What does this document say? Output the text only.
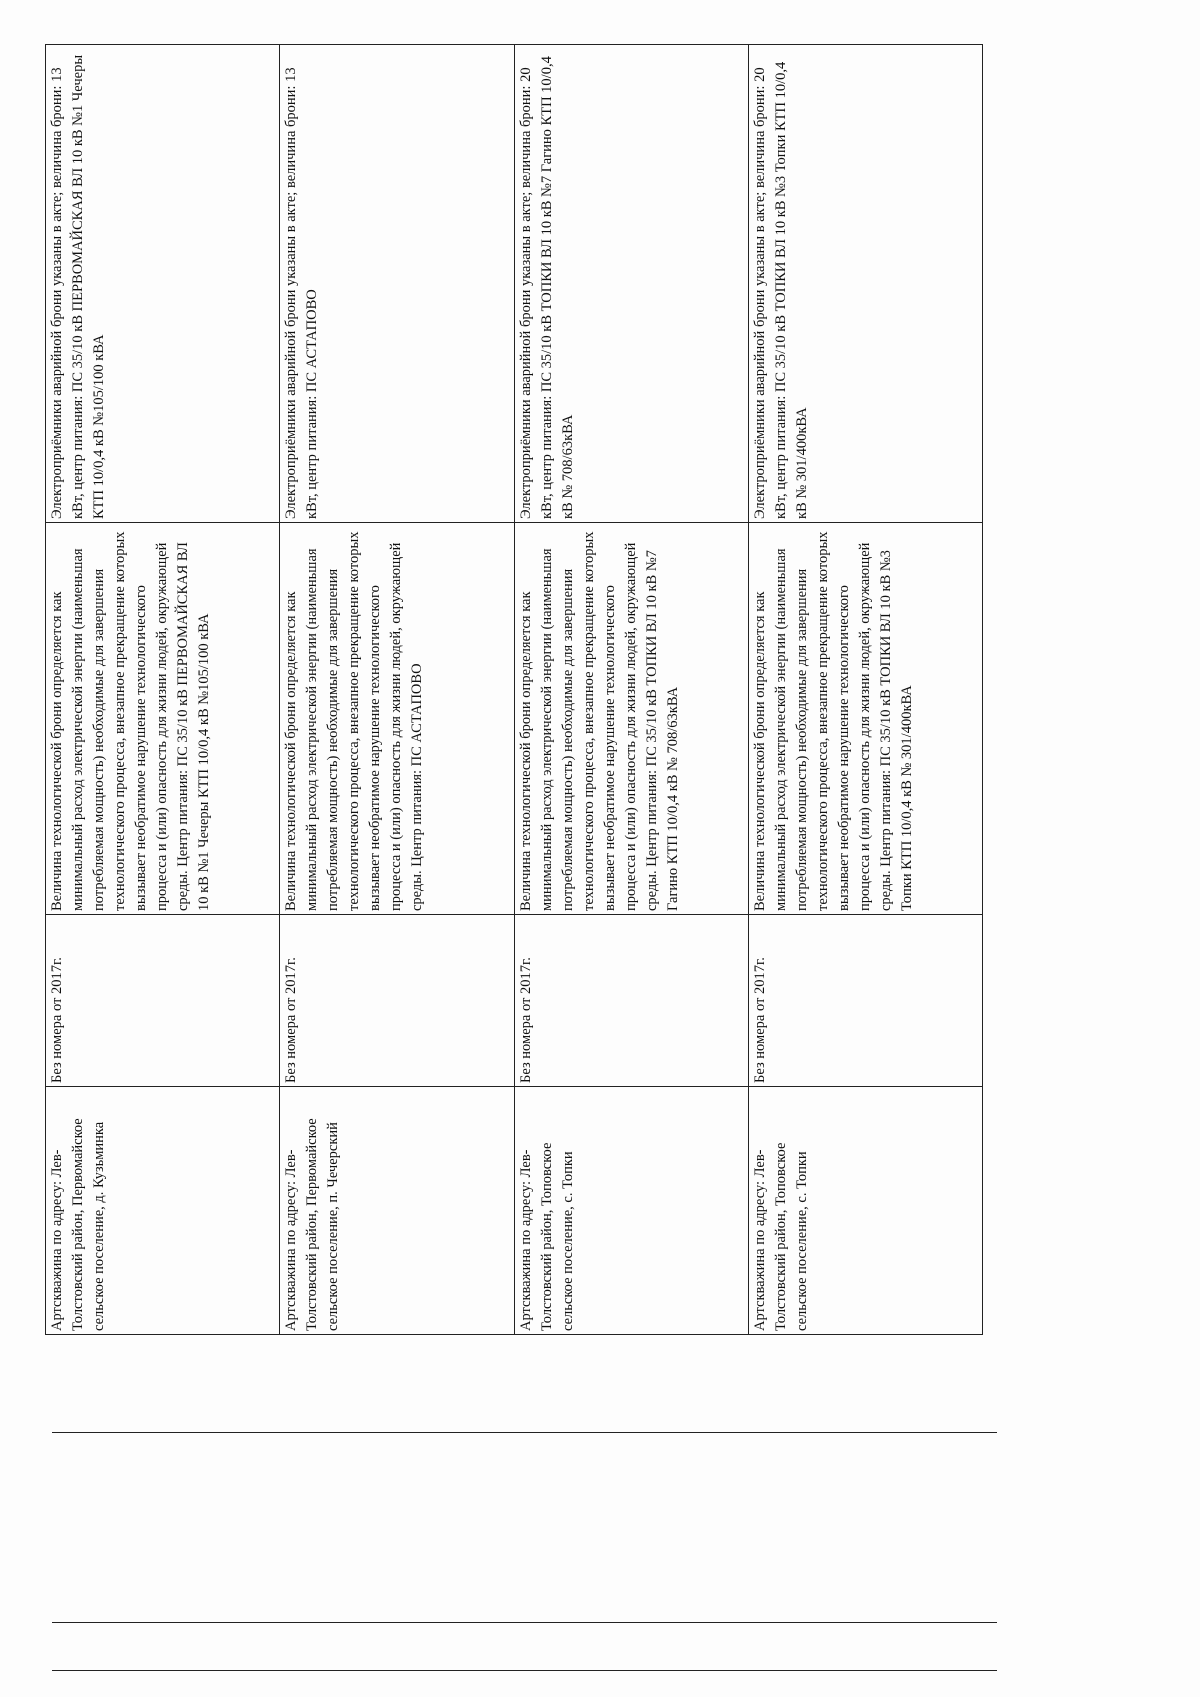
Артскважина по адресу: Лев-Толстовский район, Первомайское сельское поселение, д. Кузьминка	Без номера от 2017г.	Величина технологической брони определяется как минимальный расход электрической энергии (наименьшая потребляемая мощность) необходимые для завершения технологического процесса, внезапное прекращение которых вызывает необратимое нарушение технологического процесса и (или) опасность для жизни людей, окружающей среды. Центр питания: ПС 35/10 кВ ПЕРВОМАЙСКАЯ ВЛ 10 кВ №1 Чечеры КТП 10/0,4 кВ №105/100 кВА	Электроприёмники аварийной брони указаны в акте; величина брони: 13 кВт, центр питания: ПС 35/10 кВ ПЕРВОМАЙСКАЯ ВЛ 10 кВ №1 Чечеры КТП 10/0,4 кВ №105/100 кВА
Артскважина по адресу: Лев-Толстовский район, Первомайское сельское поселение, п. Чечерский	Без номера от 2017г.	Величина технологической брони определяется как минимальный расход электрической энергии (наименьшая потребляемая мощность) необходимые для завершения технологического процесса, внезапное прекращение которых вызывает необратимое нарушение технологического процесса и (или) опасность для жизни людей, окружающей среды. Центр питания: ПС АСТАПОВО	Электроприёмники аварийной брони указаны в акте; величина брони: 13 кВт, центр питания: ПС АСТАПОВО
Артскважина по адресу: Лев-Толстовский район, Топовское сельское поселение, с. Топки	Без номера от 2017г.	Величина технологической брони определяется как минимальный расход электрической энергии (наименьшая потребляемая мощность) необходимые для завершения технологического процесса, внезапное прекращение которых вызывает необратимое нарушение технологического процесса и (или) опасность для жизни людей, окружающей среды. Центр питания: ПС 35/10 кВ ТОПКИ ВЛ 10 кВ №7 Гагино КТП 10/0,4 кВ № 708/63кВА	Электроприёмники аварийной брони указаны в акте; величина брони: 20 кВт, центр питания: ПС 35/10 кВ ТОПКИ ВЛ 10 кВ №7 Гагино КТП 10/0,4 кВ № 708/63кВА
Артскважина по адресу: Лев-Толстовский район, Топовское сельское поселение, с. Топки	Без номера от 2017г.	Величина технологической брони определяется как минимальный расход электрической энергии (наименьшая потребляемая мощность) необходимые для завершения технологического процесса, внезапное прекращение которых вызывает необратимое нарушение технологического процесса и (или) опасность для жизни людей, окружающей среды. Центр питания: ПС 35/10 кВ ТОПКИ ВЛ 10 кВ №3 Топки КТП 10/0,4 кВ № 301/400кВА	Электроприёмники аварийной брони указаны в акте; величина брони: 20 кВт, центр питания: ПС 35/10 кВ ТОПКИ ВЛ 10 кВ №3 Топки КТП 10/0,4 кВ № 301/400кВА
